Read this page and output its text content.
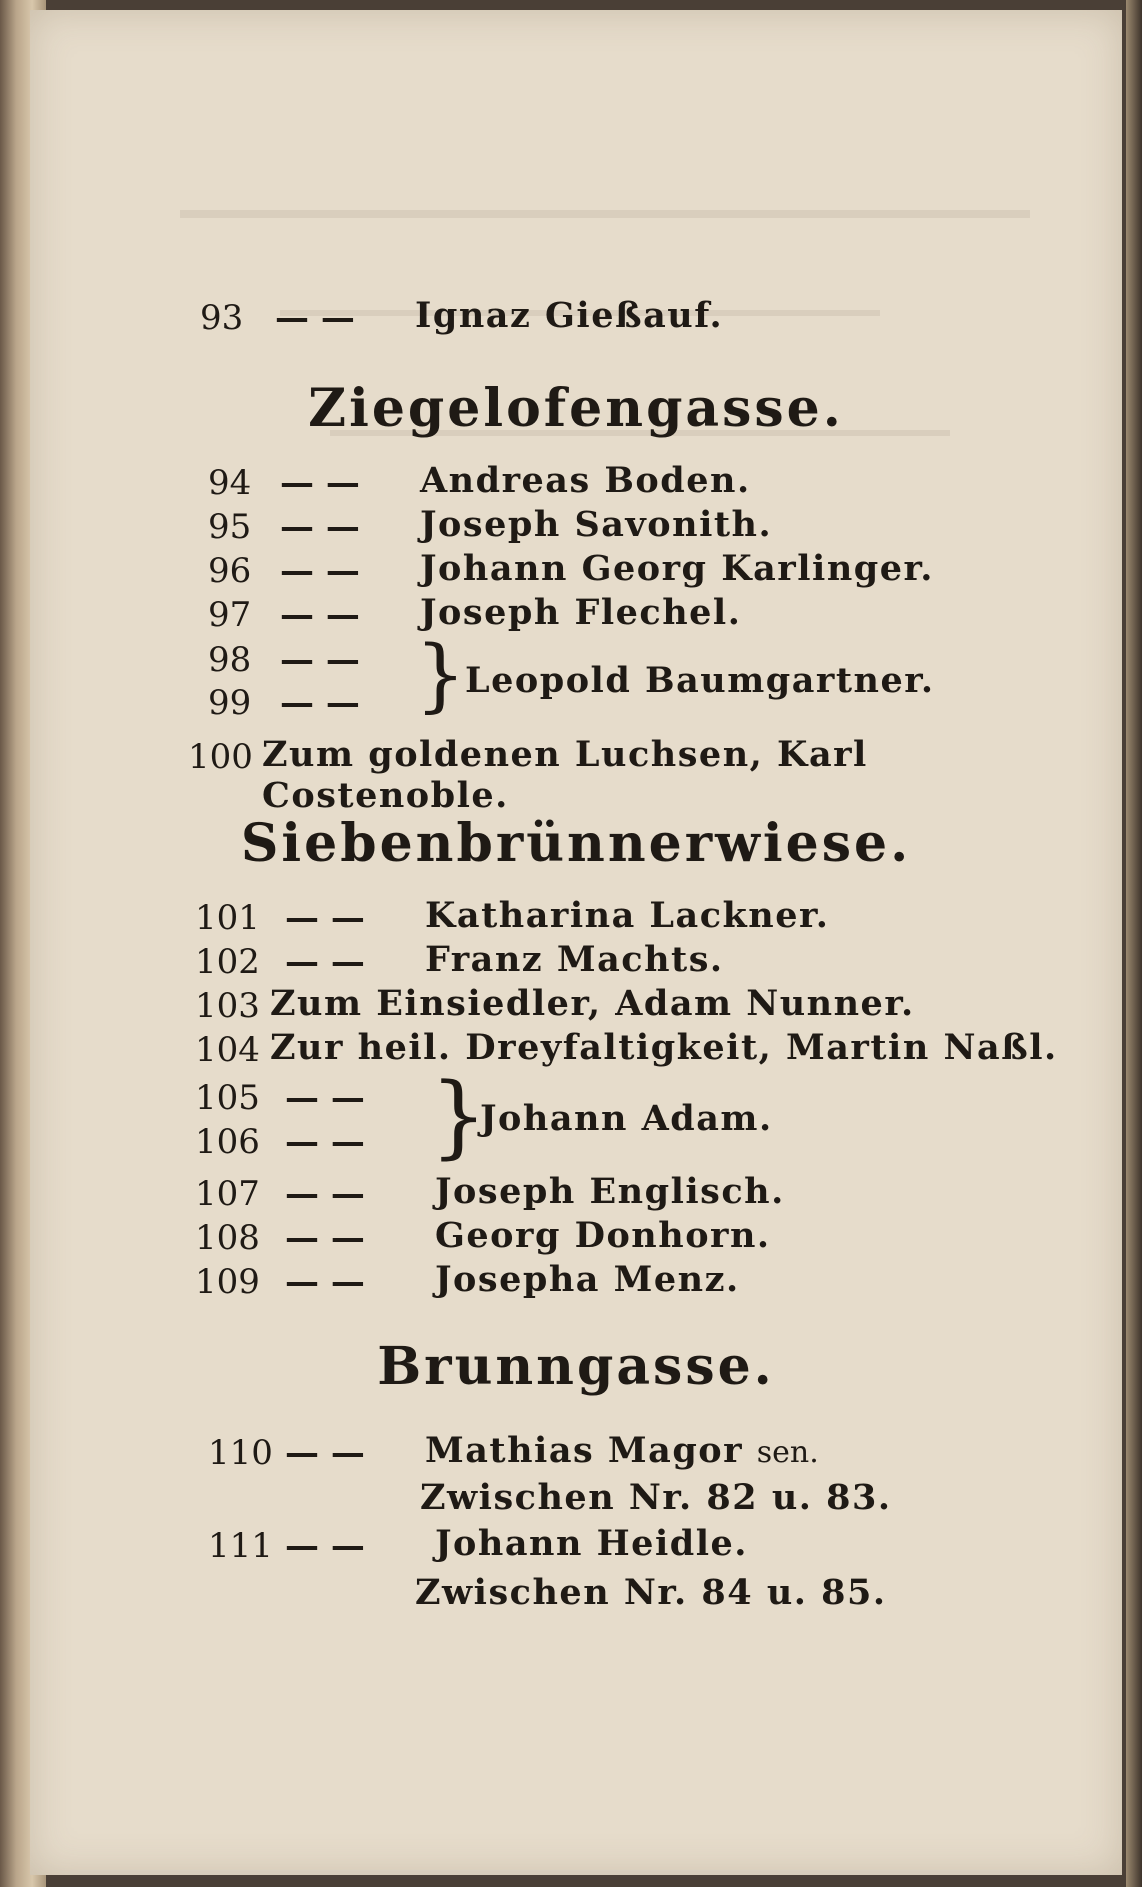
93 — — Ignaz Gießauf.
Ziegelofengasse.
94 — — Andreas Boden.
95 — — Joseph Savonith.
96 — — Johann Georg Karlinger.
97 — — Joseph Flechel.
98 — —
99 — — } Leopold Baumgartner.
100 Zum goldenen Luchsen, Karl Costenoble.
Siebenbrünnerwiese.
101 — — Katharina Lackner.
102 — — Franz Machts.
103 Zum Einsiedler, Adam Nunner.
104 Zur heil. Dreyfaltigkeit, Martin Naßl.
105 — —
106 — — }
Johann Adam.
107 — — Joseph Englisch.
108 — — Georg Donhorn.
109 — — Josepha Menz.
Brunngasse.
110 — — Mathias Magor sen.
Zwischen Nr. 82 u. 83.
111 — — Johann Heidle.
Zwischen Nr. 84 u. 85.
